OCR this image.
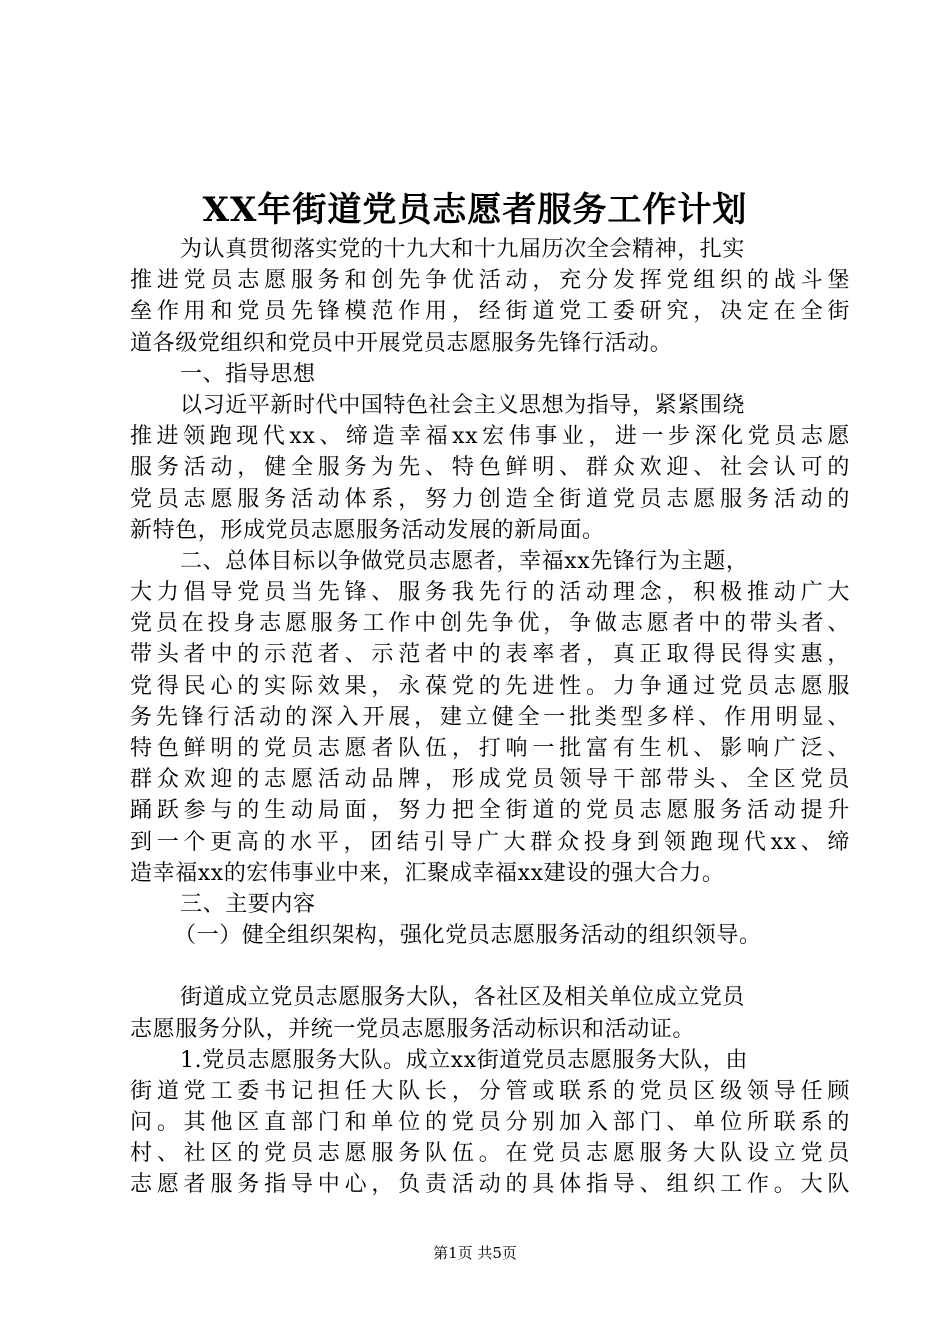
XX年街道党员志愿者服务工作计划
为认真贯彻落实党的十九大和十九届历次全会精神，扎实
推进党员志愿服务和创先争优活动，充分发挥党组织的战斗堡
垒作用和党员先锋模范作用，经街道党工委研究，决定在全街
道各级党组织和党员中开展党员志愿服务先锋行活动。
一、指导思想
以习近平新时代中国特色社会主义思想为指导，紧紧围绕
推进领跑现代xx、缔造幸福xx宏伟事业，进一步深化党员志愿
服务活动，健全服务为先、特色鲜明、群众欢迎、社会认可的
党员志愿服务活动体系，努力创造全街道党员志愿服务活动的
新特色，形成党员志愿服务活动发展的新局面。
二、总体目标以争做党员志愿者，幸福xx先锋行为主题，
大力倡导党员当先锋、服务我先行的活动理念，积极推动广大
党员在投身志愿服务工作中创先争优，争做志愿者中的带头者、
带头者中的示范者、示范者中的表率者，真正取得民得实惠，
党得民心的实际效果，永葆党的先进性。力争通过党员志愿服
务先锋行活动的深入开展，建立健全一批类型多样、作用明显、
特色鲜明的党员志愿者队伍，打响一批富有生机、影响广泛、
群众欢迎的志愿活动品牌，形成党员领导干部带头、全区党员
踊跃参与的生动局面，努力把全街道的党员志愿服务活动提升
到一个更高的水平，团结引导广大群众投身到领跑现代xx、缔
造幸福xx的宏伟事业中来，汇聚成幸福xx建设的强大合力。
三、主要内容
（一）健全组织架构，强化党员志愿服务活动的组织领导。
街道成立党员志愿服务大队，各社区及相关单位成立党员
志愿服务分队，并统一党员志愿服务活动标识和活动证。
1.党员志愿服务大队。成立xx街道党员志愿服务大队，由
街道党工委书记担任大队长，分管或联系的党员区级领导任顾
问。其他区直部门和单位的党员分别加入部门、单位所联系的
村、社区的党员志愿服务队伍。在党员志愿服务大队设立党员
志愿者服务指导中心，负责活动的具体指导、组织工作。大队
第1页 共5页
